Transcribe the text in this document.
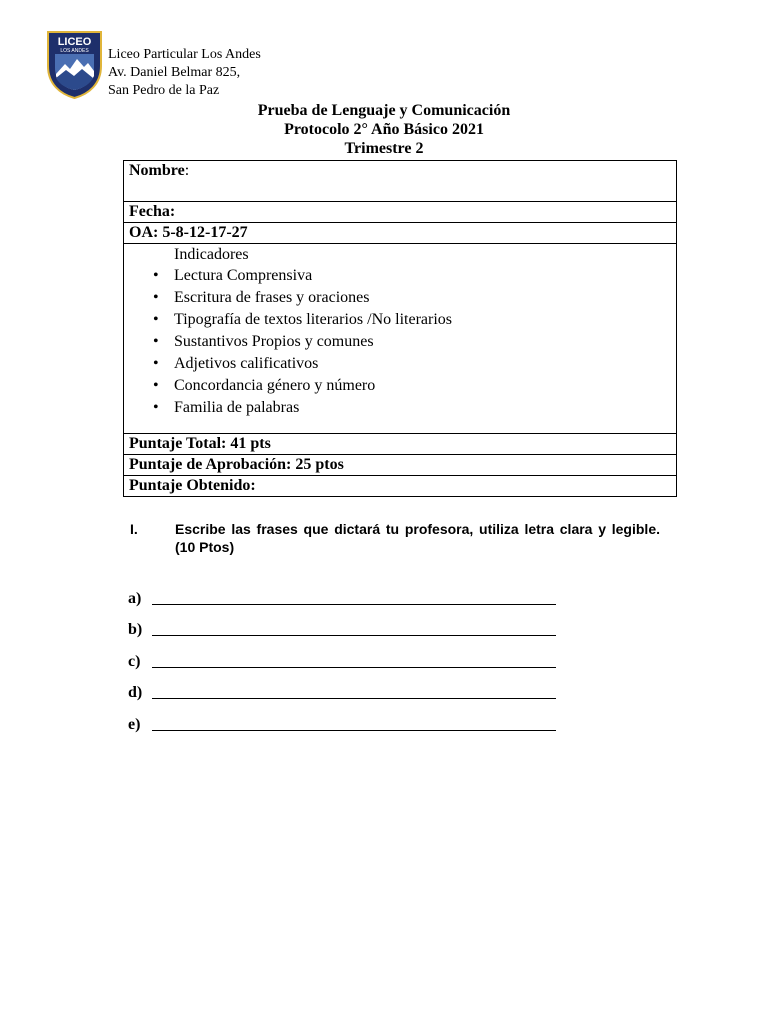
LICEO
LOS ANDES Liceo Particular Los Andes
Av. Daniel Belmar 825,
San Pedro de la Paz
Prueba de Lenguaje y Comunicación
Protocolo 2° Año Básico 2021
Trimestre 2
Nombre:
Fecha:
OA: 5-8-12-17-27

Indicadores
• Lectura Comprensiva
• Escritura de frases y oraciones
• Tipografía de textos literarios /No literarios
• Sustantivos Propios y comunes
• Adjetivos calificativos
• Concordancia género y número
• Familia de palabras

Puntaje Total: 41 pts
Puntaje de Aprobación: 25 ptos
Puntaje Obtenido:
I.	Escribe las frases que dictará tu profesora, utiliza letra clara y legible. (10 Ptos)
a)
b)
c)
d)
e)
